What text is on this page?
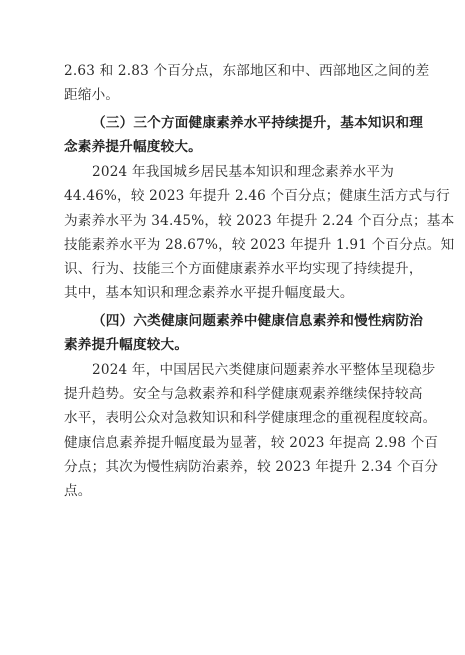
2.63 和 2.83 个百分点，东部地区和中、西部地区之间的差
距缩小。
（三）三个方面健康素养水平持续提升，基本知识和理
念素养提升幅度较大。
2024 年我国城乡居民基本知识和理念素养水平为
44.46%，较 2023 年提升 2.46 个百分点；健康生活方式与行
为素养水平为 34.45%，较 2023 年提升 2.24 个百分点；基本
技能素养水平为 28.67%，较 2023 年提升 1.91 个百分点。知
识、行为、技能三个方面健康素养水平均实现了持续提升，
其中，基本知识和理念素养水平提升幅度最大。
（四）六类健康问题素养中健康信息素养和慢性病防治
素养提升幅度较大。
2024 年，中国居民六类健康问题素养水平整体呈现稳步
提升趋势。安全与急救素养和科学健康观素养继续保持较高
水平，表明公众对急救知识和科学健康理念的重视程度较高。
健康信息素养提升幅度最为显著，较 2023 年提高 2.98 个百
分点；其次为慢性病防治素养，较 2023 年提升 2.34 个百分
点。
